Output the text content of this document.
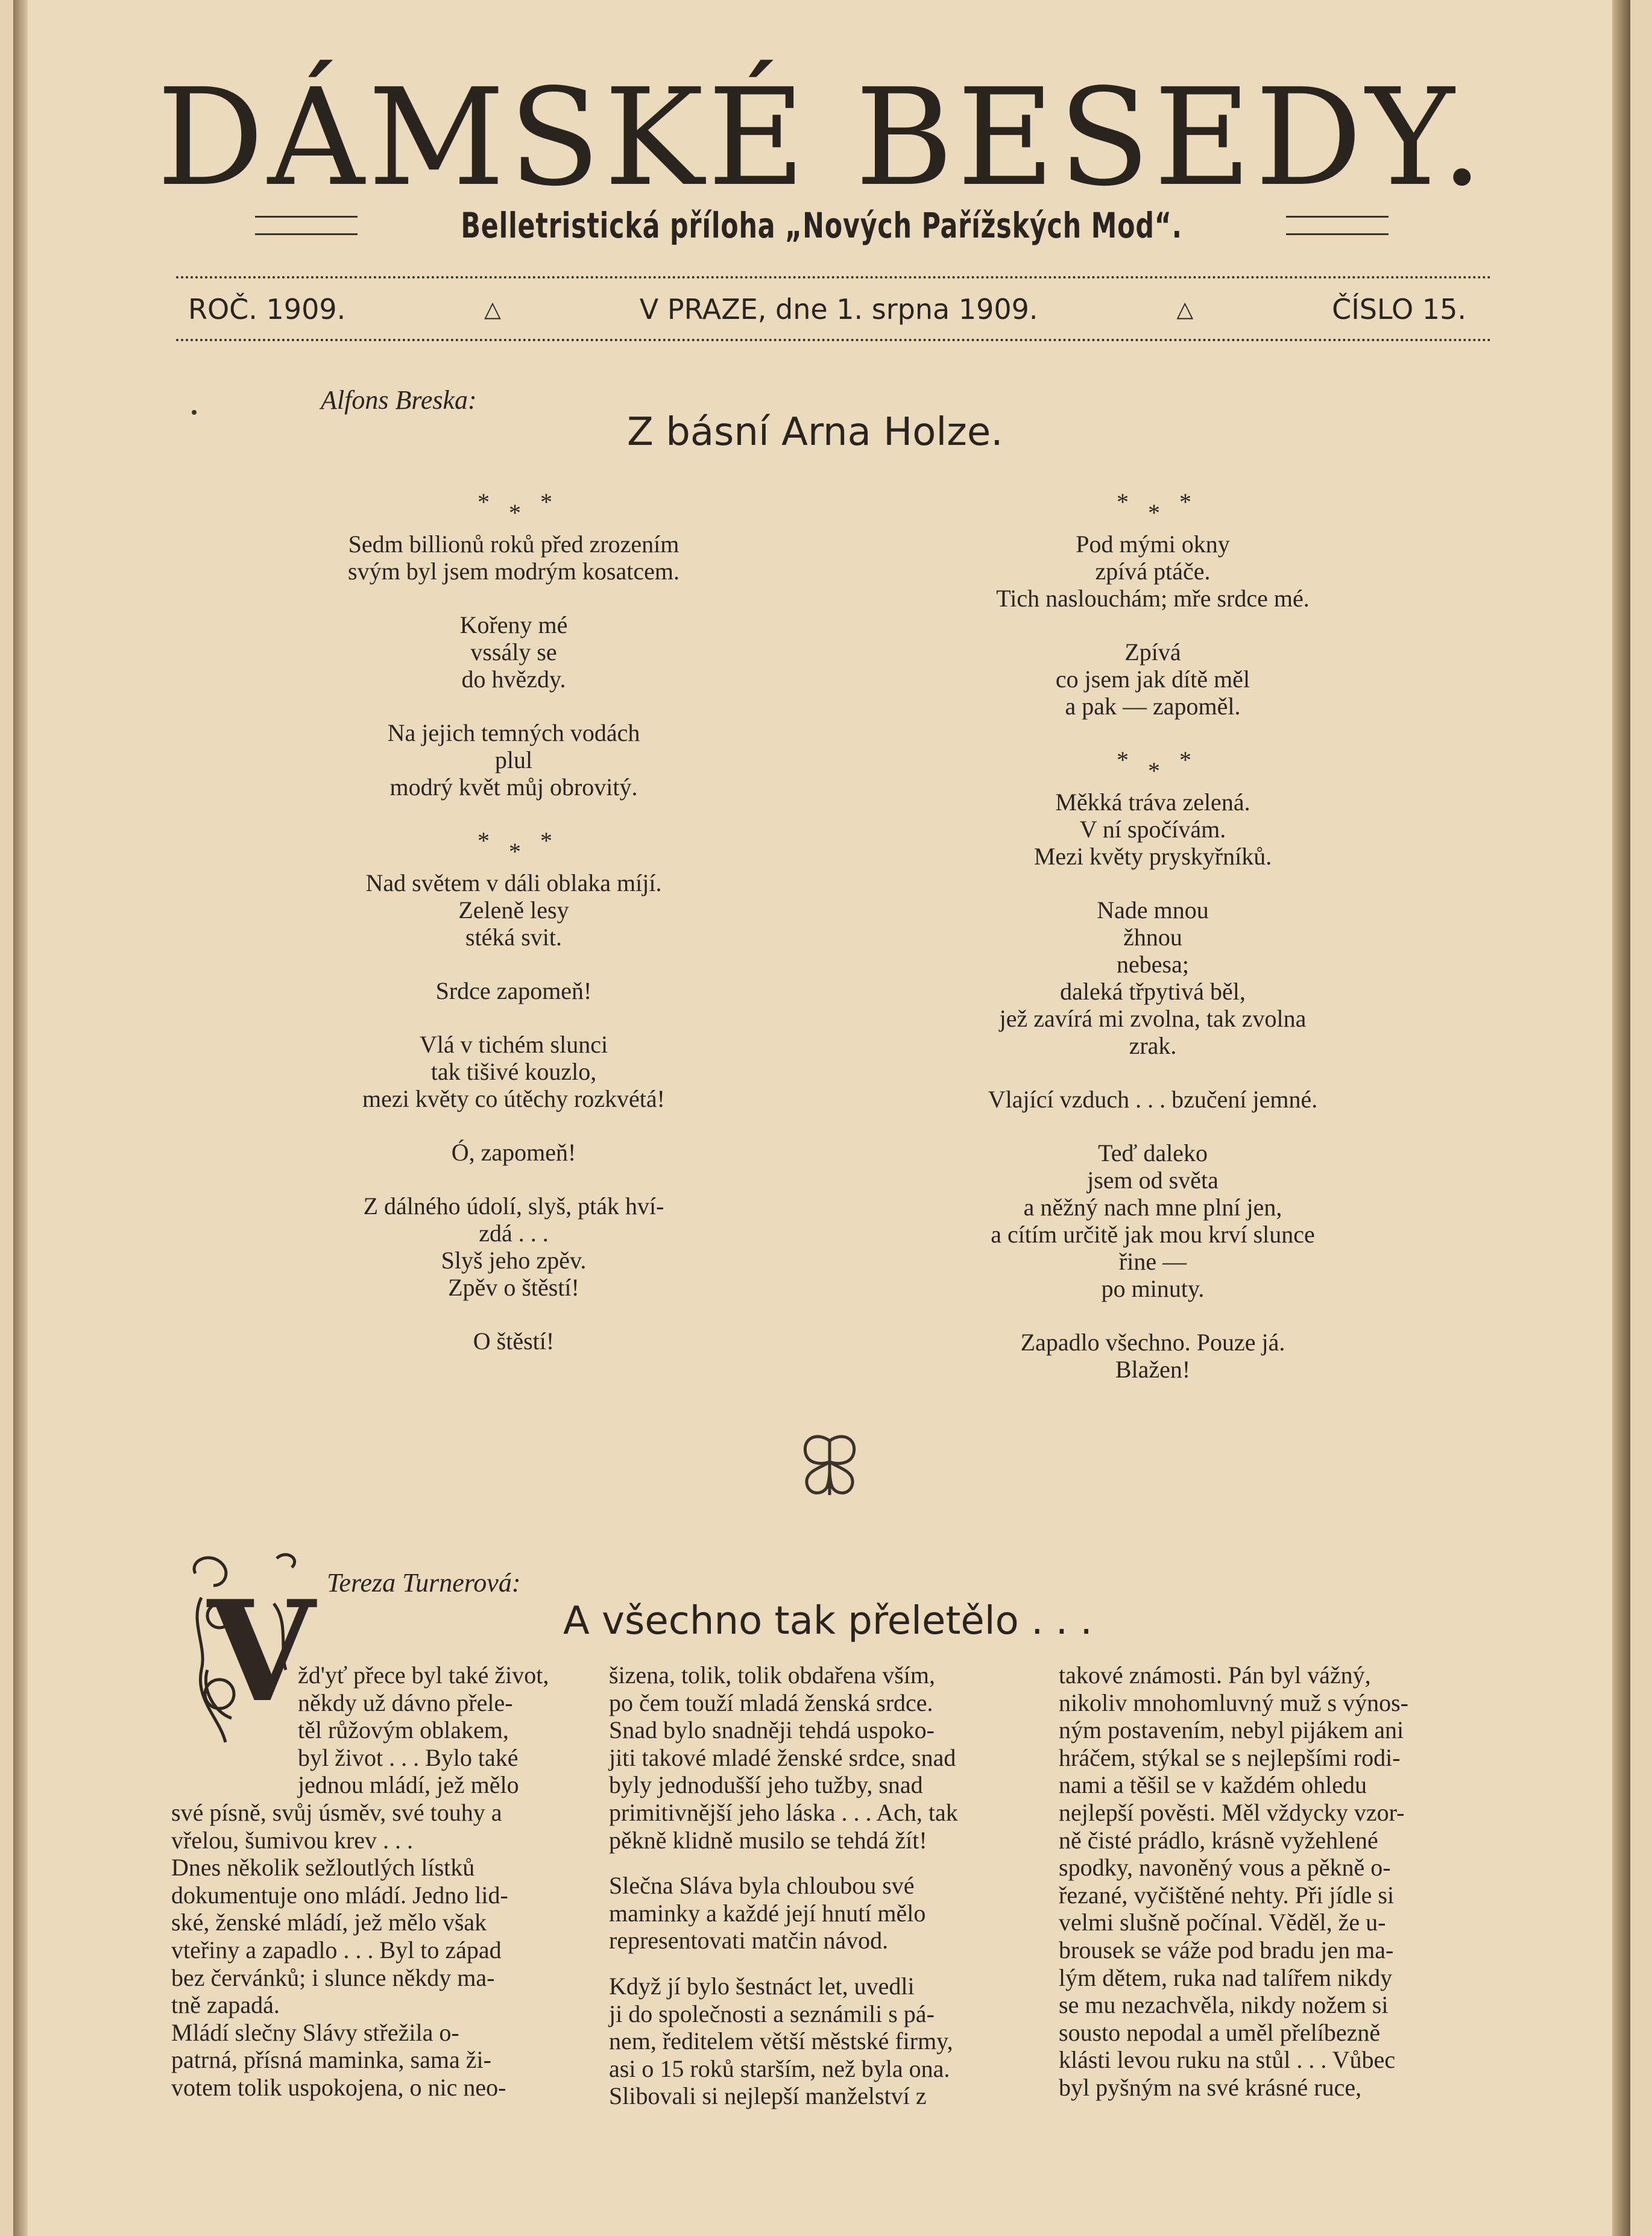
DÁMSKÉ BESEDY.
Belletristická příloha „Nových Pařížských Mod“.
ROČ. 1909.	△	V PRAZE, dne 1. srpna 1909.	△	ČÍSLO 15.
Alfons Breska:
Z básní Arna Holze.
* * *
Sedm billionů roků před zrozením
svým byl jsem modrým kosatcem.
Kořeny mé
vssály se
do hvězdy.
Na jejich temných vodách
plul
modrý květ můj obrovitý.
* * *
Nad světem v dáli oblaka míjí.
Zeleně lesy
stéká svit.
Srdce zapomeň!
Vlá v tichém slunci
tak tišivé kouzlo,
mezi květy co útěchy rozkvétá!
Ó, zapomeň!
Z dálného údolí, slyš, pták hví-
zdá . . .
Slyš jeho zpěv.
Zpěv o štěstí!
O štěstí!
* * *
Pod mými okny
zpívá ptáče.
Tich naslouchám; mře srdce mé.
Zpívá
co jsem jak dítě měl
a pak — zapoměl.
* * *
Měkká tráva zelená.
V ní spočívám.
Mezi květy pryskyřníků.
Nade mnou
žhnou
nebesa;
daleká třpytivá běl,
jež zavírá mi zvolna, tak zvolna
zrak.
Vlající vzduch . . . bzučení jemné.
Teď daleko
jsem od světa
a něžný nach mne plní jen,
a cítím určitě jak mou krví slunce
řine —
po minuty.
Zapadlo všechno. Pouze já.
Blažen!
V Tereza Turnerová:
A všechno tak přeletělo . . .
žd'yť přece byl také život,
někdy už dávno přele-
těl růžovým oblakem,
byl život . . . Bylo také
jednou mládí, jež mělo
své písně, svůj úsměv, své touhy a
vřelou, šumivou krev . . .
Dnes několik sežloutlých lístků
dokumentuje ono mládí. Jedno lid-
ské, ženské mládí, jež mělo však
vteřiny a zapadlo . . . Byl to západ
bez červánků; i slunce někdy ma-
tně zapadá.
Mládí slečny Slávy střežila o-
patrná, přísná maminka, sama ži-
votem tolik uspokojena, o nic neo-
šizena, tolik, tolik obdařena vším,
po čem touží mladá ženská srdce.
Snad bylo snadněji tehdá uspoko-
jiti takové mladé ženské srdce, snad
byly jednodušší jeho tužby, snad
primitivnější jeho láska . . . Ach, tak
pěkně klidně musilo se tehdá žít!
Slečna Sláva byla chloubou své
maminky a každé její hnutí mělo
representovati matčin návod.
Když jí bylo šestnáct let, uvedli
ji do společnosti a seznámili s pá-
nem, ředitelem větší městské firmy,
asi o 15 roků starším, než byla ona.
Slibovali si nejlepší manželství z
takové známosti. Pán byl vážný,
nikoliv mnohomluvný muž s výnos-
ným postavením, nebyl pijákem ani
hráčem, stýkal se s nejlepšími rodi-
nami a těšil se v každém ohledu
nejlepší pověsti. Měl vždycky vzor-
ně čisté prádlo, krásně vyžehlené
spodky, navoněný vous a pěkně o-
řezané, vyčištěné nehty. Při jídle si
velmi slušně počínal. Věděl, že u-
brousek se váže pod bradu jen ma-
lým dětem, ruka nad talířem nikdy
se mu nezachvěla, nikdy nožem si
sousto nepodal a uměl přelíbezně
klásti levou ruku na stůl . . . Vůbec
byl pyšným na své krásné ruce,
